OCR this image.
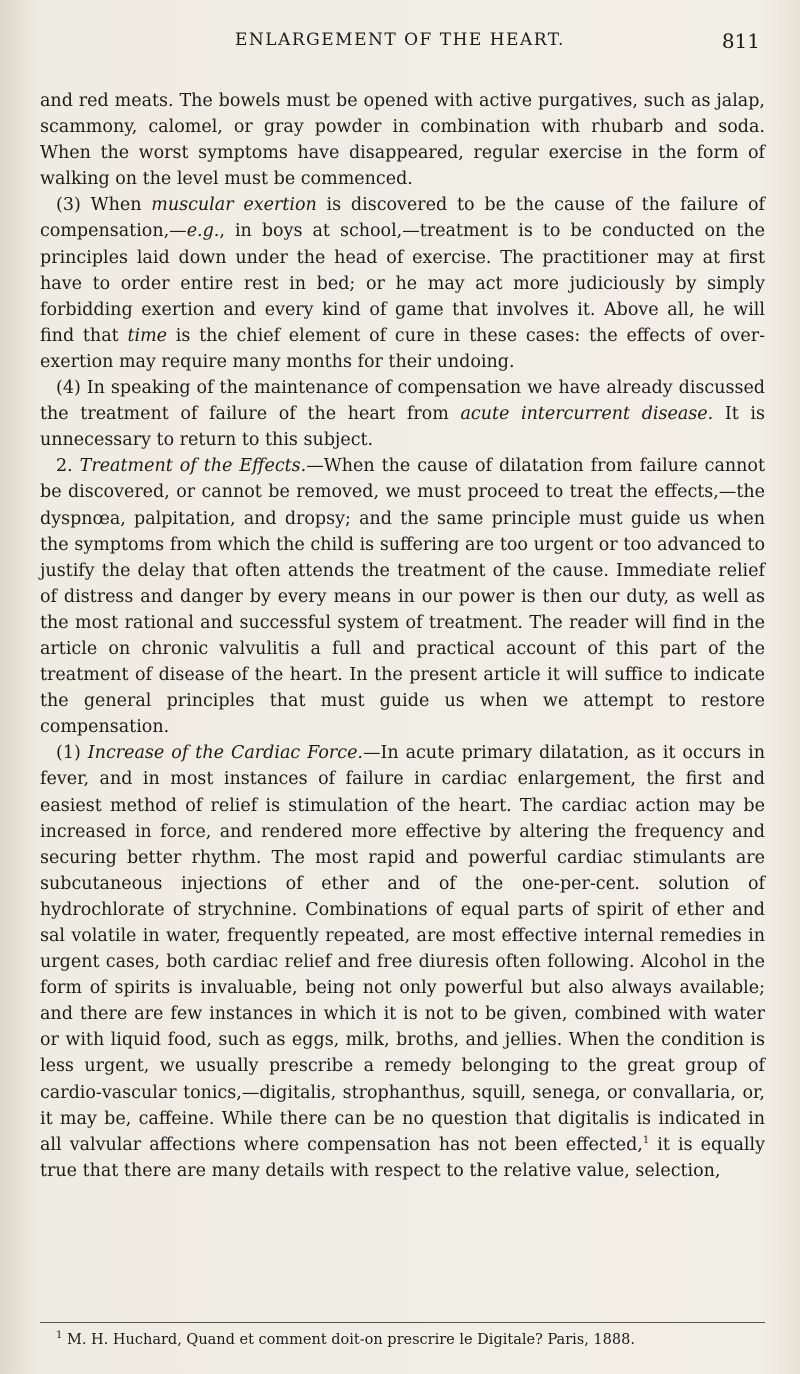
ENLARGEMENT OF THE HEART.	811

and red meats. The bowels must be opened with active purgatives, such as jalap, scammony, calomel, or gray powder in combination with rhubarb and soda. When the worst symptoms have disappeared, regular exercise in the form of walking on the level must be commenced.

(3) When muscular exertion is discovered to be the cause of the failure of compensation,—e.g., in boys at school,—treatment is to be conducted on the principles laid down under the head of exercise. The practitioner may at first have to order entire rest in bed; or he may act more judiciously by simply forbidding exertion and every kind of game that involves it. Above all, he will find that time is the chief element of cure in these cases: the effects of over-exertion may require many months for their undoing.

(4) In speaking of the maintenance of compensation we have already discussed the treatment of failure of the heart from acute intercurrent disease. It is unnecessary to return to this subject.

2. Treatment of the Effects.—When the cause of dilatation from failure cannot be discovered, or cannot be removed, we must proceed to treat the effects,—the dyspnœa, palpitation, and dropsy; and the same principle must guide us when the symptoms from which the child is suffering are too urgent or too advanced to justify the delay that often attends the treatment of the cause. Immediate relief of distress and danger by every means in our power is then our duty, as well as the most rational and successful system of treatment. The reader will find in the article on chronic valvulitis a full and practical account of this part of the treatment of disease of the heart. In the present article it will suffice to indicate the general principles that must guide us when we attempt to restore compensation.

(1) Increase of the Cardiac Force.—In acute primary dilatation, as it occurs in fever, and in most instances of failure in cardiac enlargement, the first and easiest method of relief is stimulation of the heart. The cardiac action may be increased in force, and rendered more effective by altering the frequency and securing better rhythm. The most rapid and powerful cardiac stimulants are subcutaneous injections of ether and of the one-per-cent. solution of hydrochlorate of strychnine. Combinations of equal parts of spirit of ether and sal volatile in water, frequently repeated, are most effective internal remedies in urgent cases, both cardiac relief and free diuresis often following. Alcohol in the form of spirits is invaluable, being not only powerful but also always available; and there are few instances in which it is not to be given, combined with water or with liquid food, such as eggs, milk, broths, and jellies. When the condition is less urgent, we usually prescribe a remedy belonging to the great group of cardio-vascular tonics,—digitalis, strophanthus, squill, senega, or convallaria, or, it may be, caffeine. While there can be no question that digitalis is indicated in all valvular affections where compensation has not been effected,$^1$ it is equally true that there are many details with respect to the relative value, selection,

$^1$ M. H. Huchard, Quand et comment doit-on prescrire le Digitale? Paris, 1888.
